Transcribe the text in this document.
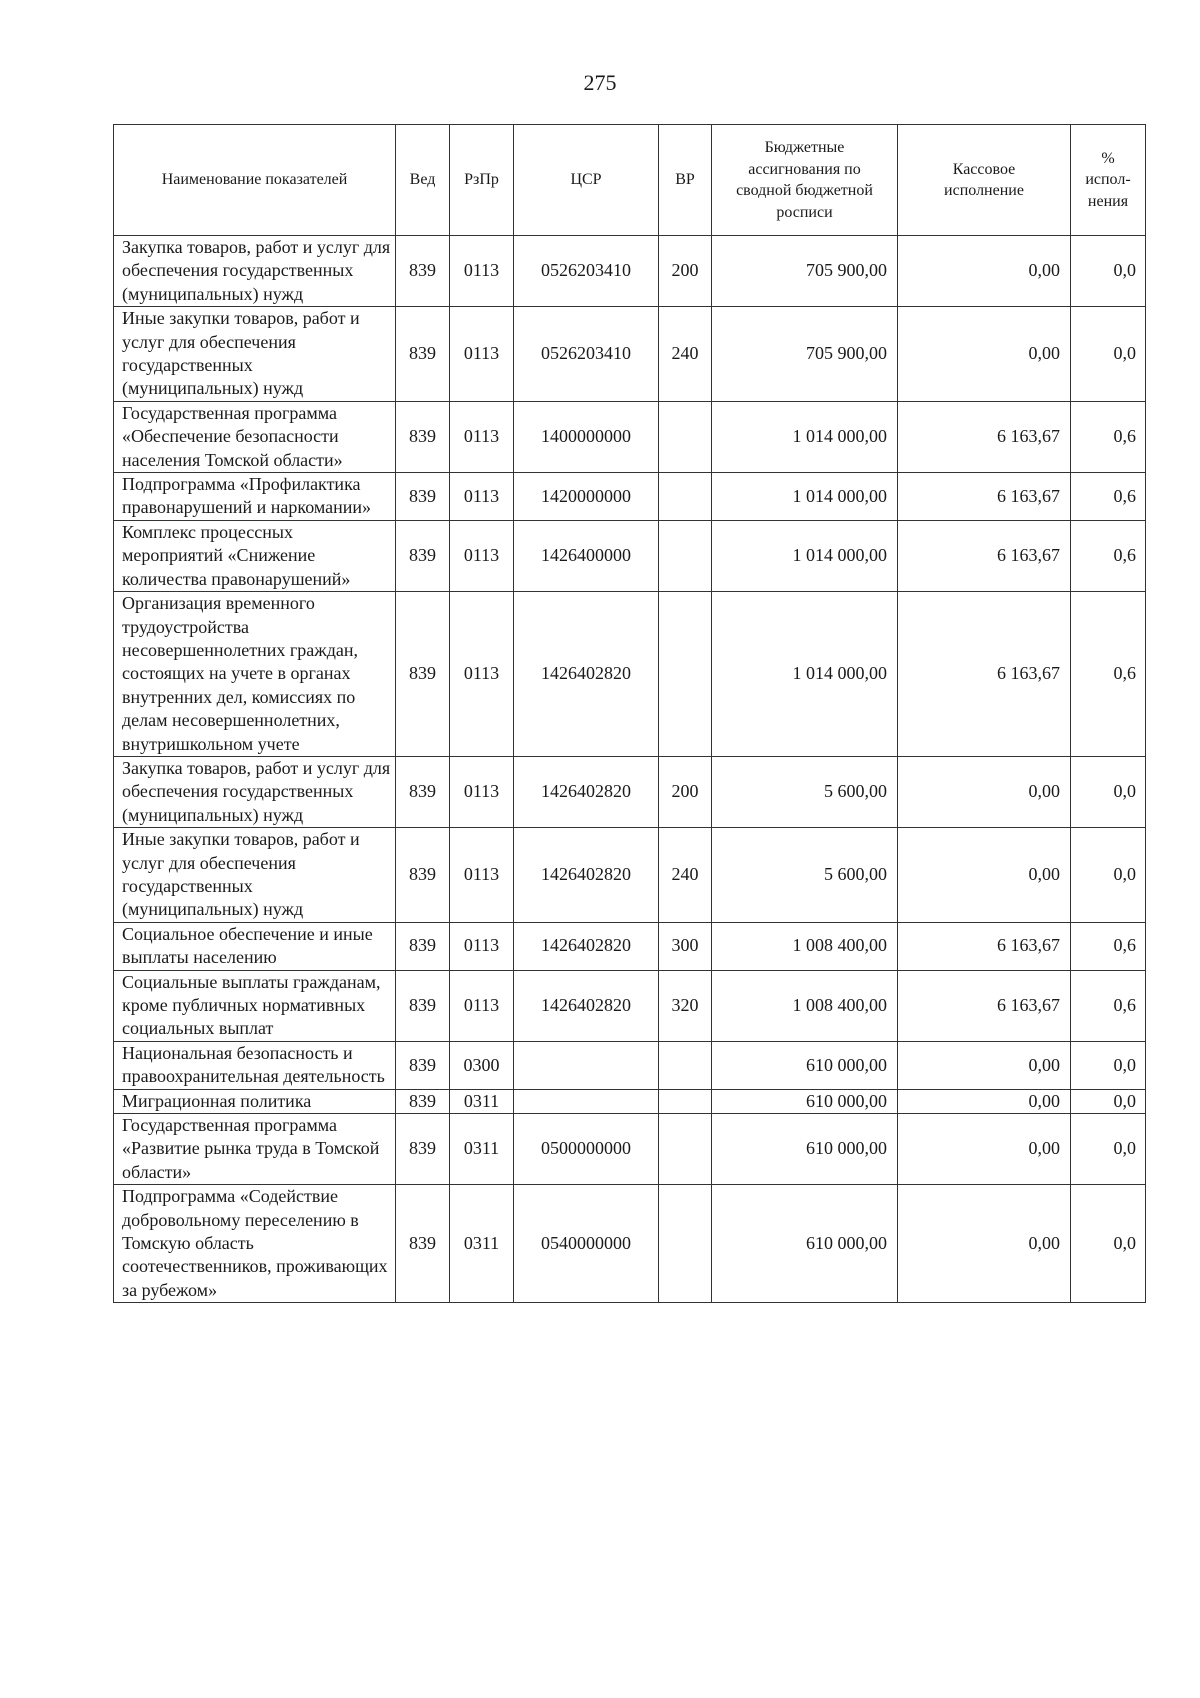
275
Наименование показателей	Вед	РзПр	ЦСР	ВР	Бюджетные ассигнования по сводной бюджетной росписи	Кассовое исполнение	% испол-нения
Закупка товаров, работ и услуг для обеспечения государственных (муниципальных) нужд	839	0113	0526203410	200	705 900,00	0,00	0,0
Иные закупки товаров, работ и услуг для обеспечения государственных (муниципальных) нужд	839	0113	0526203410	240	705 900,00	0,00	0,0
Государственная программа «Обеспечение безопасности населения Томской области»	839	0113	1400000000		1 014 000,00	6 163,67	0,6
Подпрограмма «Профилактика правонарушений и наркомании»	839	0113	1420000000		1 014 000,00	6 163,67	0,6
Комплекс процессных мероприятий «Снижение количества правонарушений»	839	0113	1426400000		1 014 000,00	6 163,67	0,6
Организация временного трудоустройства несовершеннолетних граждан, состоящих на учете в органах внутренних дел, комиссиях по делам несовершеннолетних, внутришкольном учете	839	0113	1426402820		1 014 000,00	6 163,67	0,6
Закупка товаров, работ и услуг для обеспечения государственных (муниципальных) нужд	839	0113	1426402820	200	5 600,00	0,00	0,0
Иные закупки товаров, работ и услуг для обеспечения государственных (муниципальных) нужд	839	0113	1426402820	240	5 600,00	0,00	0,0
Социальное обеспечение и иные выплаты населению	839	0113	1426402820	300	1 008 400,00	6 163,67	0,6
Социальные выплаты гражданам, кроме публичных нормативных социальных выплат	839	0113	1426402820	320	1 008 400,00	6 163,67	0,6
Национальная безопасность и правоохранительная деятельность	839	0300			610 000,00	0,00	0,0
Миграционная политика	839	0311			610 000,00	0,00	0,0
Государственная программа «Развитие рынка труда в Томской области»	839	0311	0500000000		610 000,00	0,00	0,0
Подпрограмма «Содействие добровольному переселению в Томскую область соотечественников, проживающих за рубежом»	839	0311	0540000000		610 000,00	0,00	0,0
